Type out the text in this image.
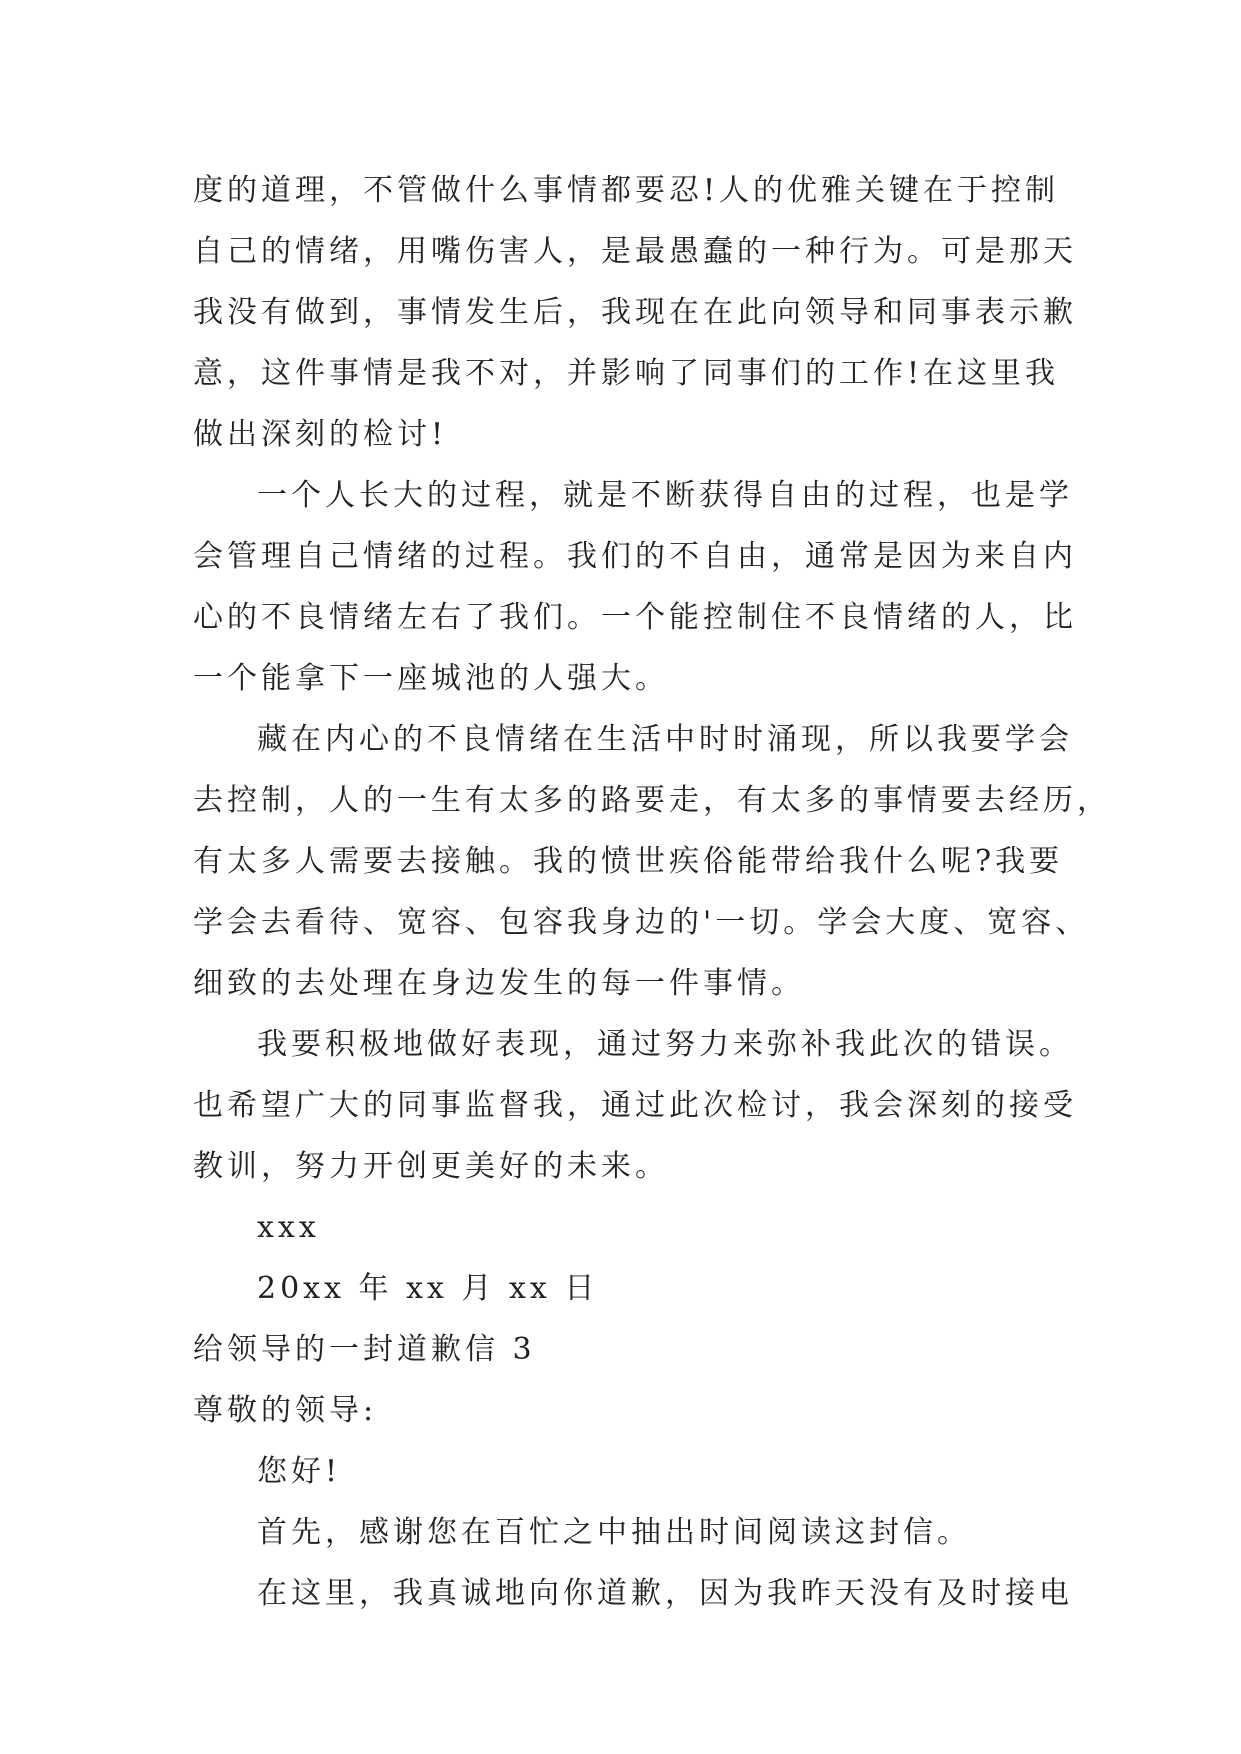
度的道理，不管做什么事情都要忍!人的优雅关键在于控制
自己的情绪，用嘴伤害人，是最愚蠢的一种行为。可是那天
我没有做到，事情发生后，我现在在此向领导和同事表示歉
意，这件事情是我不对，并影响了同事们的工作!在这里我
做出深刻的检讨!
一个人长大的过程，就是不断获得自由的过程，也是学
会管理自己情绪的过程。我们的不自由，通常是因为来自内
心的不良情绪左右了我们。一个能控制住不良情绪的人，比
一个能拿下一座城池的人强大。
藏在内心的不良情绪在生活中时时涌现，所以我要学会
去控制，人的一生有太多的路要走，有太多的事情要去经历，
有太多人需要去接触。我的愤世疾俗能带给我什么呢?我要
学会去看待、宽容、包容我身边的'一切。学会大度、宽容、
细致的去处理在身边发生的每一件事情。
我要积极地做好表现，通过努力来弥补我此次的错误。
也希望广大的同事监督我，通过此次检讨，我会深刻的接受
教训，努力开创更美好的未来。
xxx
20xx 年 xx 月 xx 日
给领导的一封道歉信 3
尊敬的领导:
您好!
首先，感谢您在百忙之中抽出时间阅读这封信。
在这里，我真诚地向你道歉，因为我昨天没有及时接电
